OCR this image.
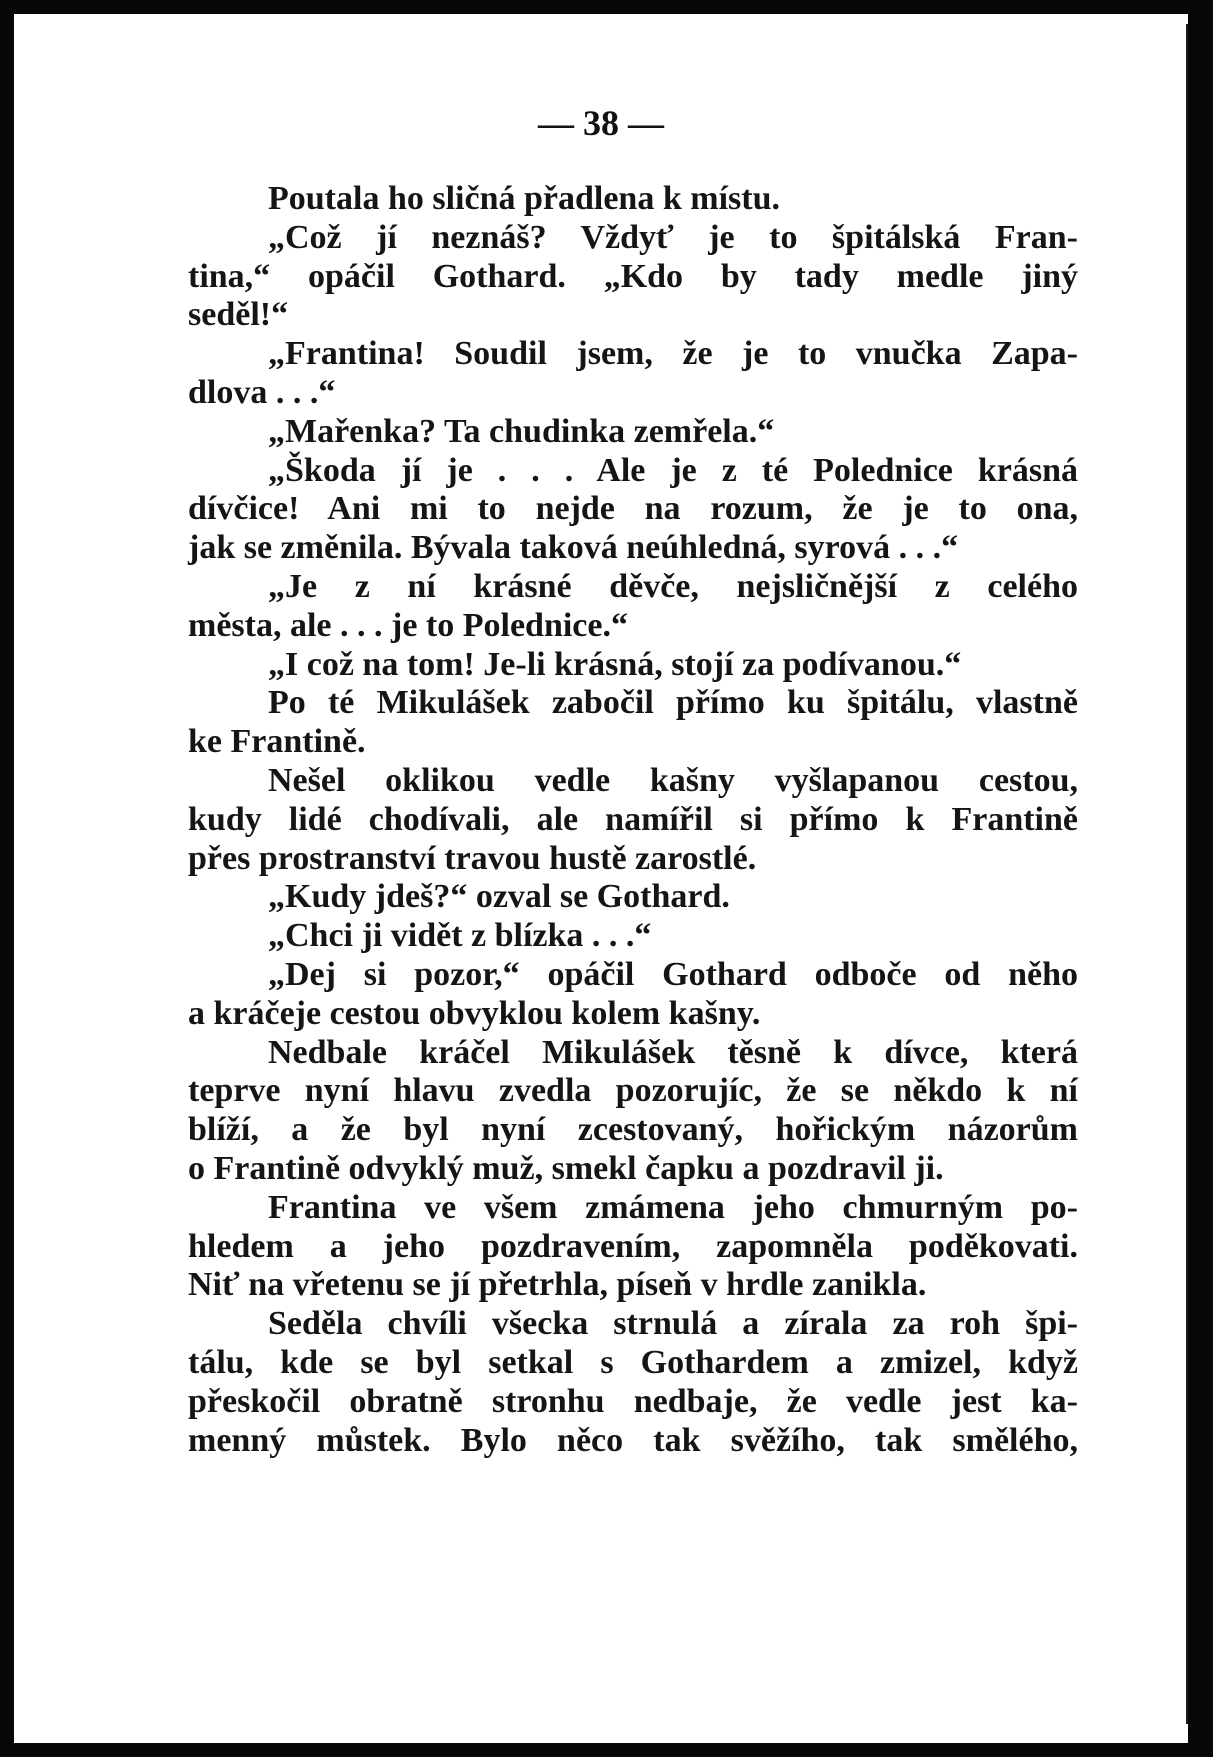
— 38 —
Poutala ho sličná přadlena k místu.
„Což jí neznáš? Vždyť je to špitálská Fran-
tina,“ opáčil Gothard. „Kdo by tady medle jiný
seděl!“
„Frantina! Soudil jsem, že je to vnučka Zapa-
dlova . . .“
„Mařenka? Ta chudinka zemřela.“
„Škoda jí je . . . Ale je z té Polednice krásná
dívčice! Ani mi to nejde na rozum, že je to ona,
jak se změnila. Bývala taková neúhledná, syrová . . .“
„Je z ní krásné děvče, nejsličnější z celého
města, ale . . . je to Polednice.“
„I což na tom! Je-li krásná, stojí za podívanou.“
Po té Mikulášek zabočil přímo ku špitálu, vlastně
ke Frantině.
Nešel oklikou vedle kašny vyšlapanou cestou,
kudy lidé chodívali, ale namířil si přímo k Frantině
přes prostranství travou hustě zarostlé.
„Kudy jdeš?“ ozval se Gothard.
„Chci ji vidět z blízka . . .“
„Dej si pozor,“ opáčil Gothard odboče od něho
a kráčeje cestou obvyklou kolem kašny.
Nedbale kráčel Mikulášek těsně k dívce, která
teprve nyní hlavu zvedla pozorujíc, že se někdo k ní
blíží, a že byl nyní zcestovaný, hořickým názorům
o Frantině odvyklý muž, smekl čapku a pozdravil ji.
Frantina ve všem zmámena jeho chmurným po-
hledem a jeho pozdravením, zapomněla poděkovati.
Niť na vřetenu se jí přetrhla, píseň v hrdle zanikla.
Seděla chvíli všecka strnulá a zírala za roh špi-
tálu, kde se byl setkal s Gothardem a zmizel, když
přeskočil obratně stronhu nedbaje, že vedle jest ka-
menný můstek. Bylo něco tak svěžího, tak smělého,
